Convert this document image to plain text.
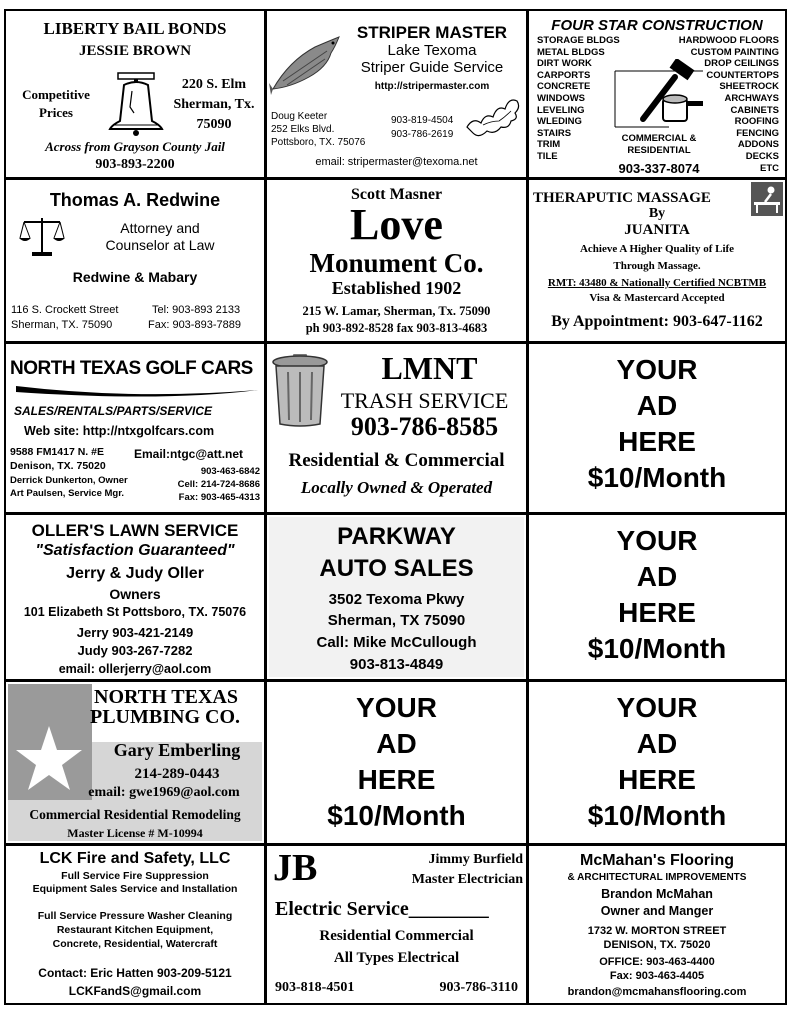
LIBERTY BAIL BONDS
JESSIE BROWN
Competitive
Prices
220 S. Elm
Sherman, Tx.
75090
Across from Grayson County Jail
903-893-2200
STRIPER MASTER
Lake Texoma
Striper Guide Service
http://stripermaster.com
Doug Keeter
252 Elks Blvd.
Pottsboro, TX. 75076
903-819-4504
903-786-2619
email: stripermaster@texoma.net
FOUR STAR CONSTRUCTION
STORAGE BLDGS
METAL BLDGS
DIRT WORK
CARPORTS
CONCRETE
WINDOWS
LEVELING
WLEDING
STAIRS
TRIM
TILE
HARDWOOD FLOORS
CUSTOM PAINTING
DROP CEILINGS
COUNTERTOPS
SHEETROCK
ARCHWAYS
CABINETS
ROOFING
FENCING
ADDONS
DECKS
ETC
COMMERCIAL &
RESIDENTIAL
903-337-8074
Thomas A. Redwine
Attorney and
Counselor at Law
Redwine & Mabary
116 S. Crockett Street
Sherman, TX. 75090
Tel: 903-893 2133
Fax: 903-893-7889
Scott Masner
Love
Monument Co.
Established 1902
215 W. Lamar, Sherman, Tx. 75090
ph 903-892-8528 fax 903-813-4683
THERAPUTIC MASSAGE
By
JUANITA
Achieve A Higher Quality of Life
Through Massage.
RMT: 43480 & Nationally Certified NCBTMB
Visa & Mastercard Accepted
By Appointment: 903-647-1162
NORTH TEXAS GOLF CARS
SALES/RENTALS/PARTS/SERVICE
Web site: http://ntxgolfcars.com
9588 FM1417 N. #E
Denison, TX. 75020
Email:ntgc@att.net
903-463-6842
Derrick Dunkerton, Owner	Cell: 214-724-8686
Art Paulsen, Service Mgr.	Fax: 903-465-4313
LMNT
TRASH SERVICE
903-786-8585
Residential & Commercial
Locally Owned & Operated
YOUR
AD
HERE
$10/Month
OLLER'S LAWN SERVICE
"Satisfaction Guaranteed"
Jerry & Judy Oller
Owners
101 Elizabeth St Pottsboro, TX. 75076
Jerry 903-421-2149
Judy 903-267-7282
email: ollerjerry@aol.com
PARKWAY
AUTO SALES
3502 Texoma Pkwy
Sherman, TX 75090
Call: Mike McCullough
903-813-4849
YOUR
AD
HERE
$10/Month
NORTH TEXAS
PLUMBING CO.
Gary Emberling
214-289-0443
email: gwe1969@aol.com
Commercial Residential Remodeling
Master License # M-10994
YOUR
AD
HERE
$10/Month
YOUR
AD
HERE
$10/Month
LCK Fire and Safety, LLC
Full Service Fire Suppression
Equipment Sales Service and Installation
Full Service Pressure Washer Cleaning
Restaurant Kitchen Equipment,
Concrete, Residential, Watercraft
Contact: Eric Hatten 903-209-5121
LCKFandS@gmail.com
JB	Jimmy Burfield
Master Electrician
Electric Service________
Residential Commercial
All Types Electrical
903-818-4501	903-786-3110
McMahan's Flooring
& ARCHITECTURAL IMPROVEMENTS
Brandon McMahan
Owner and Manger
1732 W. MORTON STREET
DENISON, TX. 75020
OFFICE: 903-463-4400
Fax: 903-463-4405
brandon@mcmahansflooring.com
